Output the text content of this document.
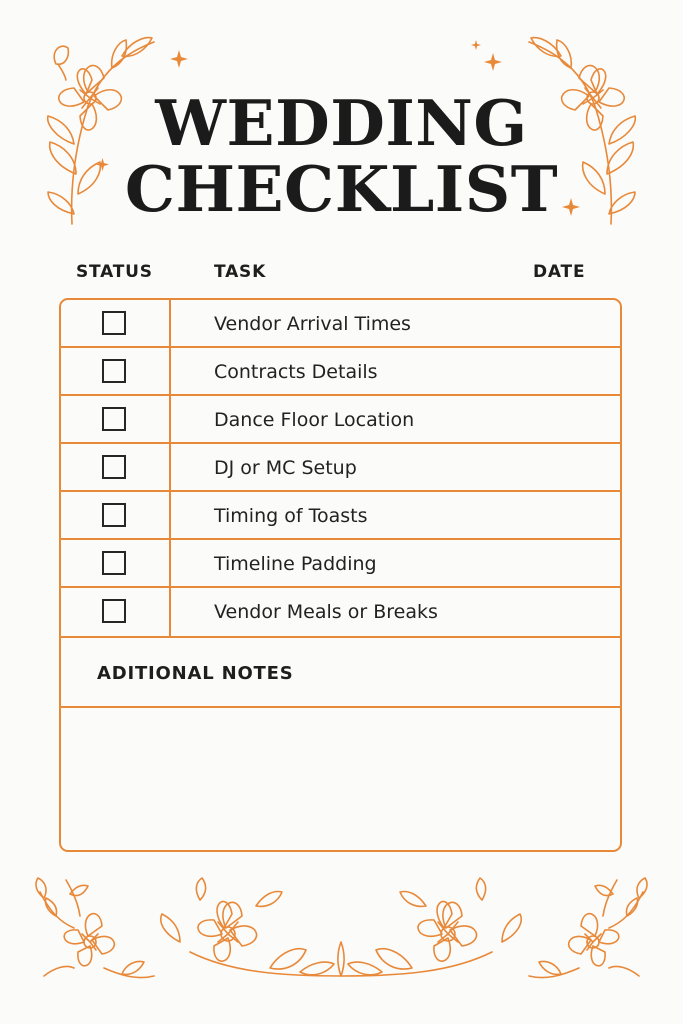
WEDDING
CHECKLIST
STATUS	TASK	DATE
Vendor Arrival Times
Contracts Details
Dance Floor Location
DJ or MC Setup
Timing of Toasts
Timeline Padding
Vendor Meals or Breaks
ADITIONAL NOTES
